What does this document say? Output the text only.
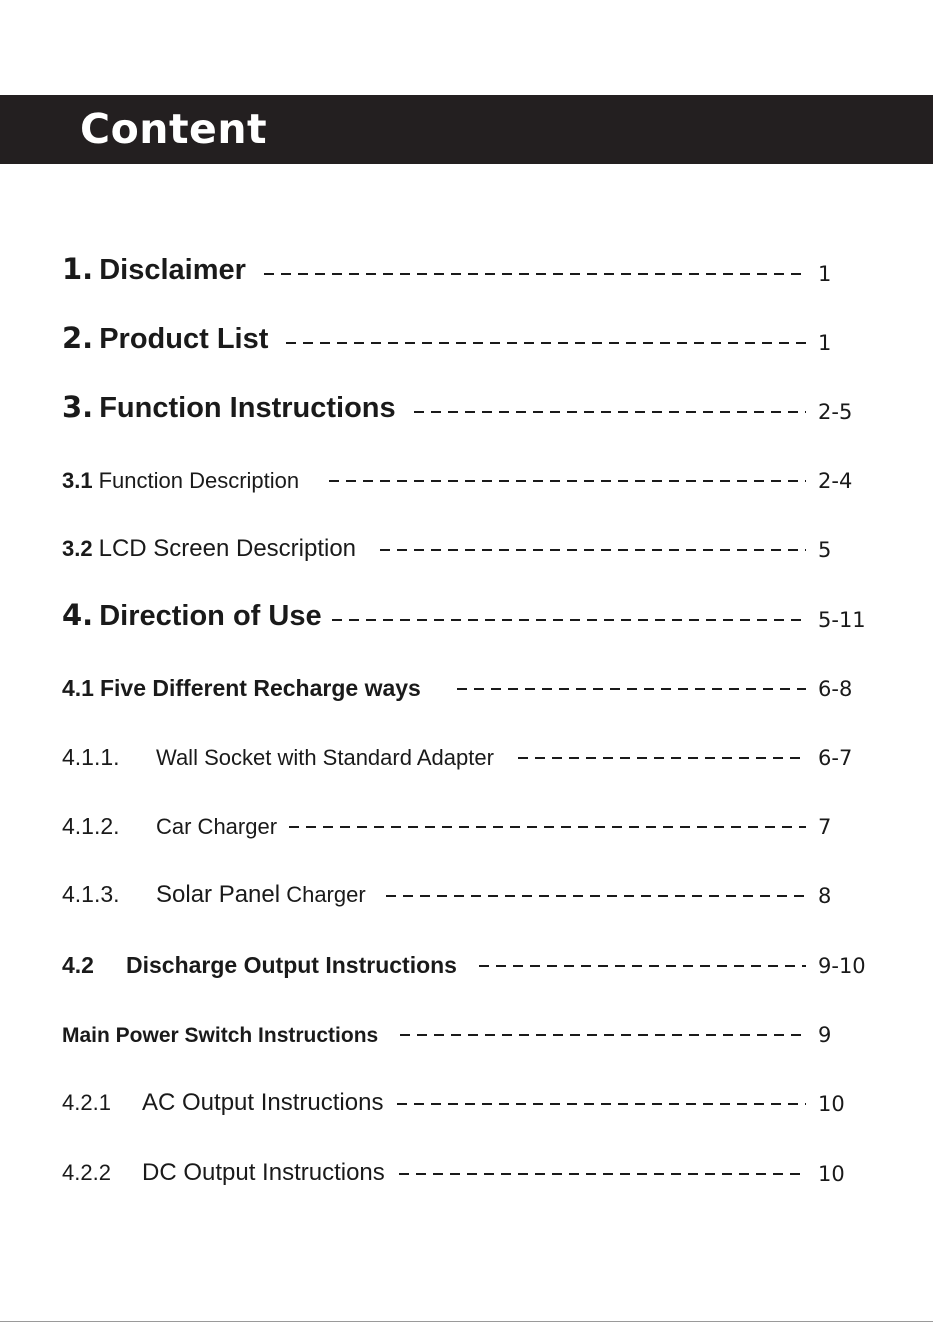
Content
1. Disclaimer	1
2. Product List	1
3. Function Instructions	2-5
3.1 Function Description	2-4
3.2 LCD Screen Description	5
4. Direction of Use	5-11
4.1 Five Different Recharge ways	6-8
4.1.1.	Wall Socket with Standard Adapter	6-7
4.1.2.	Car Charger	7
4.1.3.	Solar Panel Charger	8
4.2	Discharge Output Instructions	9-10
Main Power Switch Instructions	9
4.2.1	AC Output Instructions	10
4.2.2	DC Output Instructions	10
